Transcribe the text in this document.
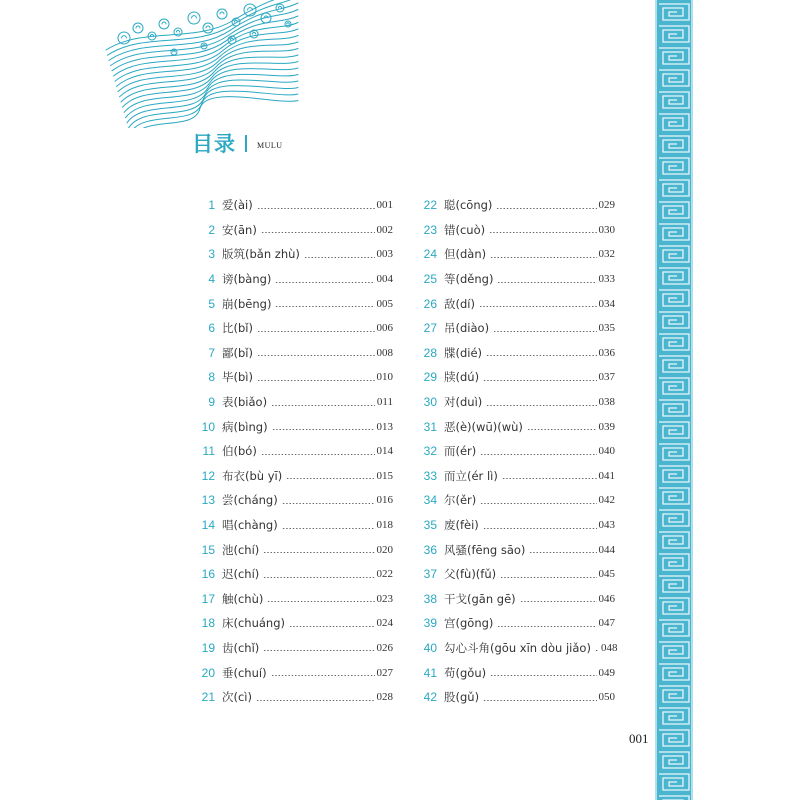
目录	MULU
1 爱(ài)	001
2 安(ān)	002
3 版筑(bǎn zhù)	003
4 谤(bàng)	004
5 崩(bēng)	005
6 比(bǐ)	006
7 鄙(bǐ)	008
8 毕(bì)	010
9 表(biǎo)	011
10 病(bìng)	013
11 伯(bó)	014
12 布衣(bù yī)	015
13 尝(cháng)	016
14 唱(chàng)	018
15 池(chí)	020
16 迟(chí)	022
17 触(chù)	023
18 床(chuáng)	024
19 齿(chǐ)	026
20 垂(chuí)	027
21 次(cì)	028
22 聪(cōng)	029
23 错(cuò)	030
24 但(dàn)	032
25 等(děng)	033
26 敌(dí)	034
27 吊(diào)	035
28 牒(dié)	036
29 牍(dú)	037
30 对(duì)	038
31 恶(è)(wū)(wù)	039
32 而(ér)	040
33 而立(ér lì)	041
34 尔(ěr)	042
35 废(fèi)	043
36 风骚(fēng sāo)	044
37 父(fù)(fǔ)	045
38 干戈(gān gē)	046
39 宫(gōng)	047
40 勾心斗角(gōu xīn dòu jiǎo) 048
41 苟(gǒu)	049
42 股(gǔ)	050
001
